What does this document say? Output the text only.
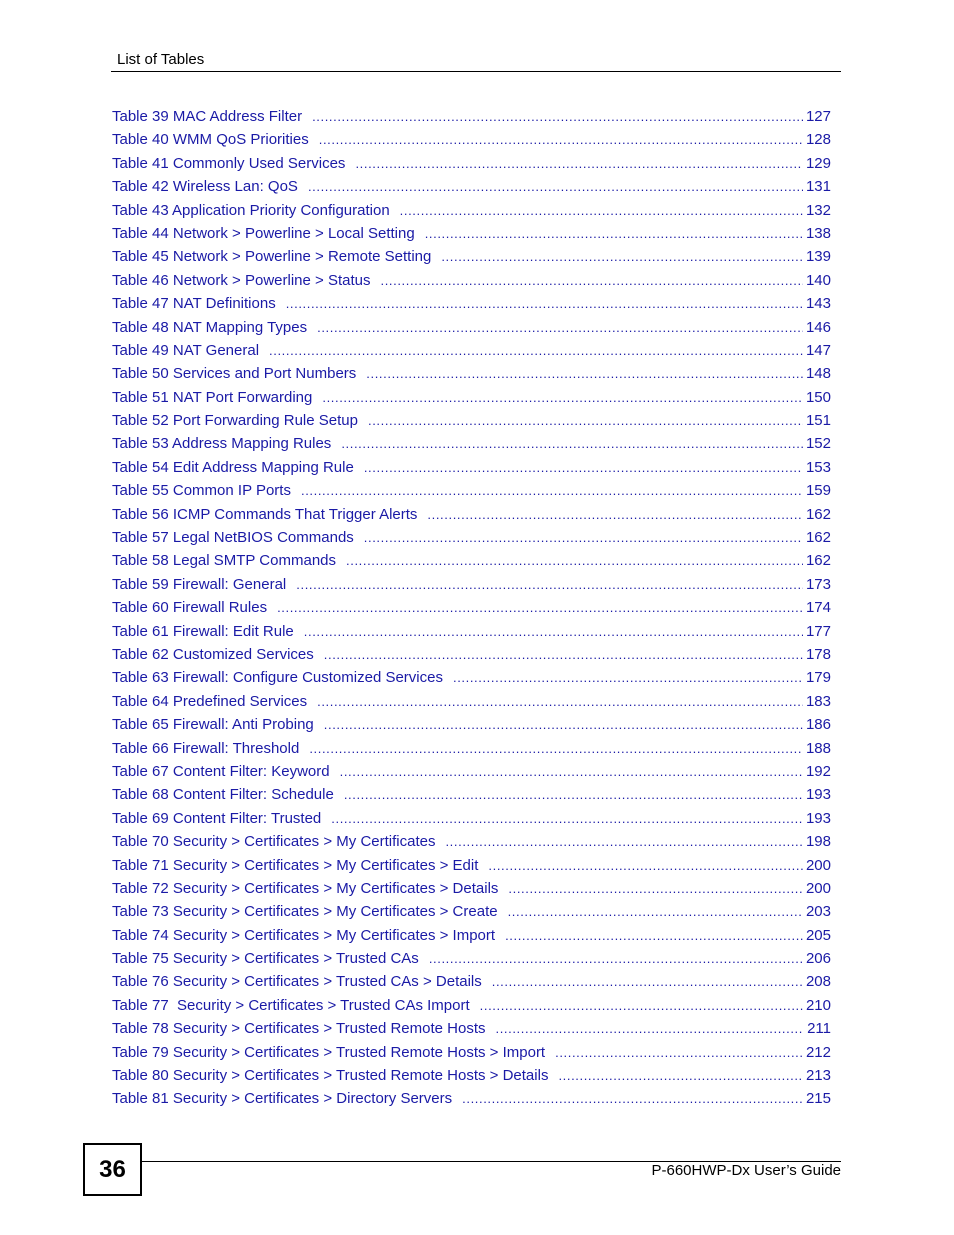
List of Tables
Table 39 MAC Address Filter .....	127
Table 40 WMM QoS Priorities .....	128
Table 41 Commonly Used Services .....	129
Table 42 Wireless Lan: QoS .....	131
Table 43 Application Priority Configuration .....	132
Table 44 Network > Powerline > Local Setting .....	138
Table 45 Network > Powerline > Remote Setting .....	139
Table 46 Network > Powerline > Status .....	140
Table 47 NAT Definitions .....	143
Table 48 NAT Mapping Types .....	146
Table 49 NAT General .....	147
Table 50 Services and Port Numbers .....	148
Table 51 NAT Port Forwarding .....	150
Table 52 Port Forwarding Rule Setup .....	151
Table 53 Address Mapping Rules .....	152
Table 54 Edit Address Mapping Rule .....	153
Table 55 Common IP Ports .....	159
Table 56 ICMP Commands That Trigger Alerts .....	162
Table 57 Legal NetBIOS Commands .....	162
Table 58 Legal SMTP Commands .....	162
Table 59 Firewall: General .....	173
Table 60 Firewall Rules .....	174
Table 61 Firewall: Edit Rule .....	177
Table 62 Customized Services .....	178
Table 63 Firewall: Configure Customized Services .....	179
Table 64 Predefined Services .....	183
Table 65 Firewall: Anti Probing .....	186
Table 66 Firewall: Threshold .....	188
Table 67 Content Filter: Keyword .....	192
Table 68 Content Filter: Schedule .....	193
Table 69 Content Filter: Trusted .....	193
Table 70 Security > Certificates > My Certificates .....	198
Table 71 Security > Certificates > My Certificates > Edit .....	200
Table 72 Security > Certificates > My Certificates > Details .....	200
Table 73 Security > Certificates > My Certificates > Create .....	203
Table 74 Security > Certificates > My Certificates > Import .....	205
Table 75 Security > Certificates > Trusted CAs .....	206
Table 76 Security > Certificates > Trusted CAs > Details .....	208
Table 77  Security > Certificates > Trusted CAs Import .....	210
Table 78 Security > Certificates > Trusted Remote Hosts .....	211
Table 79 Security > Certificates > Trusted Remote Hosts > Import .....	212
Table 80 Security > Certificates > Trusted Remote Hosts > Details .....	213
Table 81 Security > Certificates > Directory Servers .....	215
36	P-660HWP-Dx User’s Guide
